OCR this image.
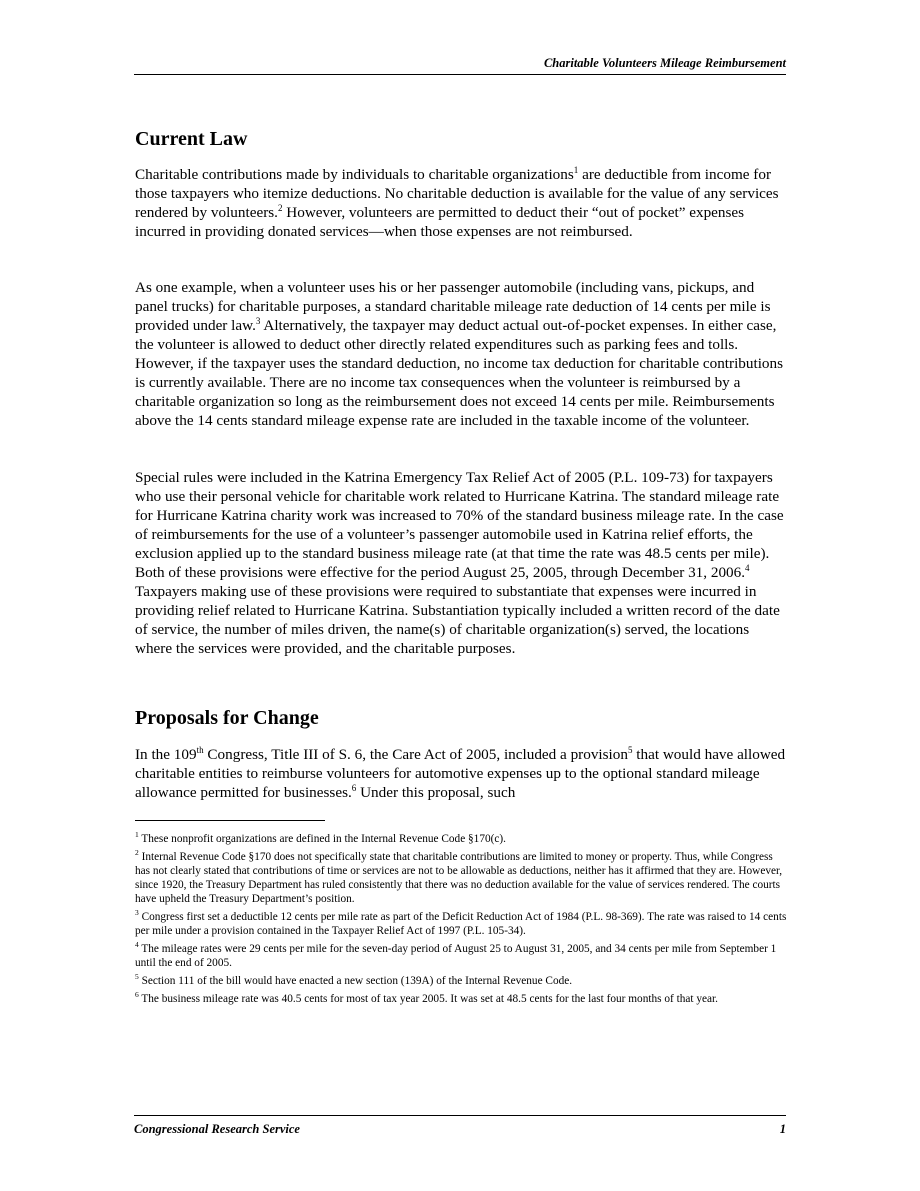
Charitable Volunteers Mileage Reimbursement
Current Law

Charitable contributions made by individuals to charitable organizations$^1$ are deductible from income for those taxpayers who itemize deductions. No charitable deduction is available for the value of any services rendered by volunteers.$^2$ However, volunteers are permitted to deduct their “out of pocket” expenses incurred in providing donated services—when those expenses are not reimbursed.

As one example, when a volunteer uses his or her passenger automobile (including vans, pickups, and panel trucks) for charitable purposes, a standard charitable mileage rate deduction of 14 cents per mile is provided under law.$^3$ Alternatively, the taxpayer may deduct actual out-of-pocket expenses. In either case, the volunteer is allowed to deduct other directly related expenditures such as parking fees and tolls. However, if the taxpayer uses the standard deduction, no income tax deduction for charitable contributions is currently available. There are no income tax consequences when the volunteer is reimbursed by a charitable organization so long as the reimbursement does not exceed 14 cents per mile. Reimbursements above the 14 cents standard mileage expense rate are included in the taxable income of the volunteer.

Special rules were included in the Katrina Emergency Tax Relief Act of 2005 (P.L. 109-73) for taxpayers who use their personal vehicle for charitable work related to Hurricane Katrina. The standard mileage rate for Hurricane Katrina charity work was increased to 70% of the standard business mileage rate. In the case of reimbursements for the use of a volunteer’s passenger automobile used in Katrina relief efforts, the exclusion applied up to the standard business mileage rate (at that time the rate was 48.5 cents per mile). Both of these provisions were effective for the period August 25, 2005, through December 31, 2006.$^4$ Taxpayers making use of these provisions were required to substantiate that expenses were incurred in providing relief related to Hurricane Katrina. Substantiation typically included a written record of the date of service, the number of miles driven, the name(s) of charitable organization(s) served, the locations where the services were provided, and the charitable purposes.

Proposals for Change

In the 109th Congress, Title III of S. 6, the Care Act of 2005, included a provision$^5$ that would have allowed charitable entities to reimburse volunteers for automotive expenses up to the optional standard mileage allowance permitted for businesses.$^6$ Under this proposal, such

$^1$ These nonprofit organizations are defined in the Internal Revenue Code §170(c).

$^2$ Internal Revenue Code §170 does not specifically state that charitable contributions are limited to money or property. Thus, while Congress has not clearly stated that contributions of time or services are not to be allowable as deductions, neither has it affirmed that they are. However, since 1920, the Treasury Department has ruled consistently that there was no deduction available for the value of services rendered. The courts have upheld the Treasury Department’s position.

$^3$ Congress first set a deductible 12 cents per mile rate as part of the Deficit Reduction Act of 1984 (P.L. 98-369). The rate was raised to 14 cents per mile under a provision contained in the Taxpayer Relief Act of 1997 (P.L. 105-34).

$^4$ The mileage rates were 29 cents per mile for the seven-day period of August 25 to August 31, 2005, and 34 cents per mile from September 1 until the end of 2005.

$^5$ Section 111 of the bill would have enacted a new section (139A) of the Internal Revenue Code.

$^6$ The business mileage rate was 40.5 cents for most of tax year 2005. It was set at 48.5 cents for the last four months of that year.

Congressional Research Service	1
